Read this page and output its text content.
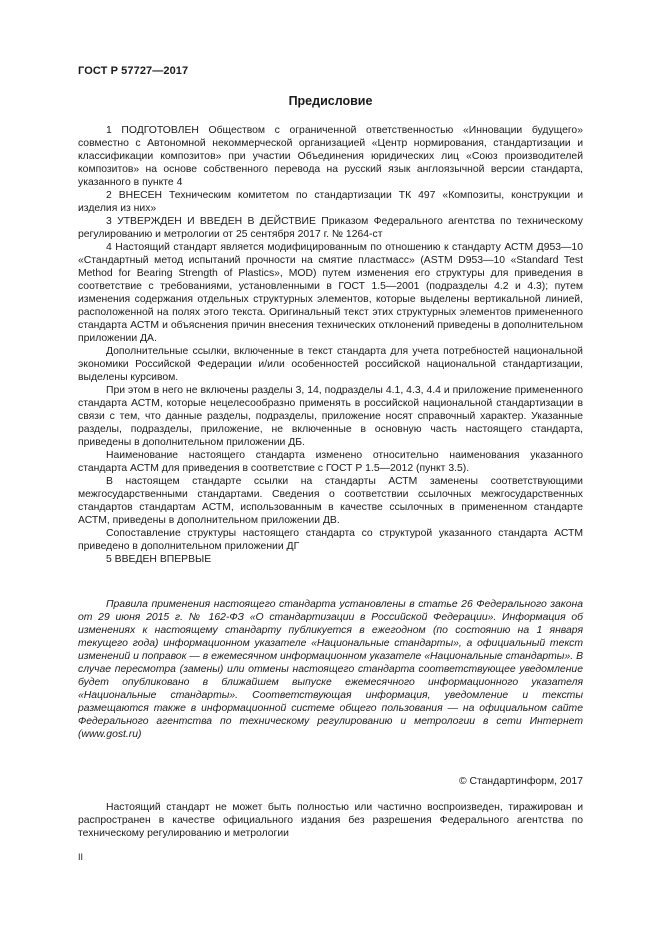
ГОСТ Р 57727—2017
Предисловие

1 ПОДГОТОВЛЕН Обществом с ограниченной ответственностью «Инновации будущего» совместно с Автономной некоммерческой организацией «Центр нормирования, стандартизации и классификации композитов» при участии Объединения юридических лиц «Союз производителей композитов» на основе собственного перевода на русский язык англоязычной версии стандарта, указанного в пункте 4

2 ВНЕСЕН Техническим комитетом по стандартизации ТК 497 «Композиты, конструкции и изделия из них»

3 УТВЕРЖДЕН И ВВЕДЕН В ДЕЙСТВИЕ Приказом Федерального агентства по техническому регулированию и метрологии от 25 сентября 2017 г. № 1264-ст

4 Настоящий стандарт является модифицированным по отношению к стандарту АСТМ Д953—10 «Стандартный метод испытаний прочности на смятие пластмасс» (ASTM D953—10 «Standard Test Method for Bearing Strength of Plastics», MOD) путем изменения его структуры для приведения в соответствие с требованиями, установленными в ГОСТ 1.5—2001 (подразделы 4.2 и 4.3); путем изменения содержания отдельных структурных элементов, которые выделены вертикальной линией, расположенной на полях этого текста. Оригинальный текст этих структурных элементов примененного стандарта АСТМ и объяснения причин внесения технических отклонений приведены в дополнительном приложении ДА.

Дополнительные ссылки, включенные в текст стандарта для учета потребностей национальной экономики Российской Федерации и/или особенностей российской национальной стандартизации, выделены курсивом.

При этом в него не включены разделы 3, 14, подразделы 4.1, 4.3, 4.4 и приложение примененного стандарта АСТМ, которые нецелесообразно применять в российской национальной стандартизации в связи с тем, что данные разделы, подразделы, приложение носят справочный характер. Указанные разделы, подразделы, приложение, не включенные в основную часть настоящего стандарта, приведены в дополнительном приложении ДБ.

Наименование настоящего стандарта изменено относительно наименования указанного стандарта АСТМ для приведения в соответствие с ГОСТ Р 1.5—2012 (пункт 3.5).

В настоящем стандарте ссылки на стандарты АСТМ заменены соответствующими межгосударственными стандартами. Сведения о соответствии ссылочных межгосударственных стандартов стандартам АСТМ, использованным в качестве ссылочных в примененном стандарте АСТМ, приведены в дополнительном приложении ДВ.

Сопоставление структуры настоящего стандарта со структурой указанного стандарта АСТМ приведено в дополнительном приложении ДГ

5 ВВЕДЕН ВПЕРВЫЕ

Правила применения настоящего стандарта установлены в статье 26 Федерального закона от 29 июня 2015 г. № 162-ФЗ «О стандартизации в Российской Федерации». Информация об изменениях к настоящему стандарту публикуется в ежегодном (по состоянию на 1 января текущего года) информационном указателе «Национальные стандарты», а официальный текст изменений и поправок — в ежемесячном информационном указателе «Национальные стандарты». В случае пересмотра (замены) или отмены настоящего стандарта соответствующее уведомление будет опубликовано в ближайшем выпуске ежемесячного информационного указателя «Национальные стандарты». Соответствующая информация, уведомление и тексты размещаются также в информационной системе общего пользования — на официальном сайте Федерального агентства по техническому регулированию и метрологии в сети Интернет (www.gost.ru)

© Стандартинформ, 2017

Настоящий стандарт не может быть полностью или частично воспроизведен, тиражирован и распространен в качестве официального издания без разрешения Федерального агентства по техническому регулированию и метрологии

II
